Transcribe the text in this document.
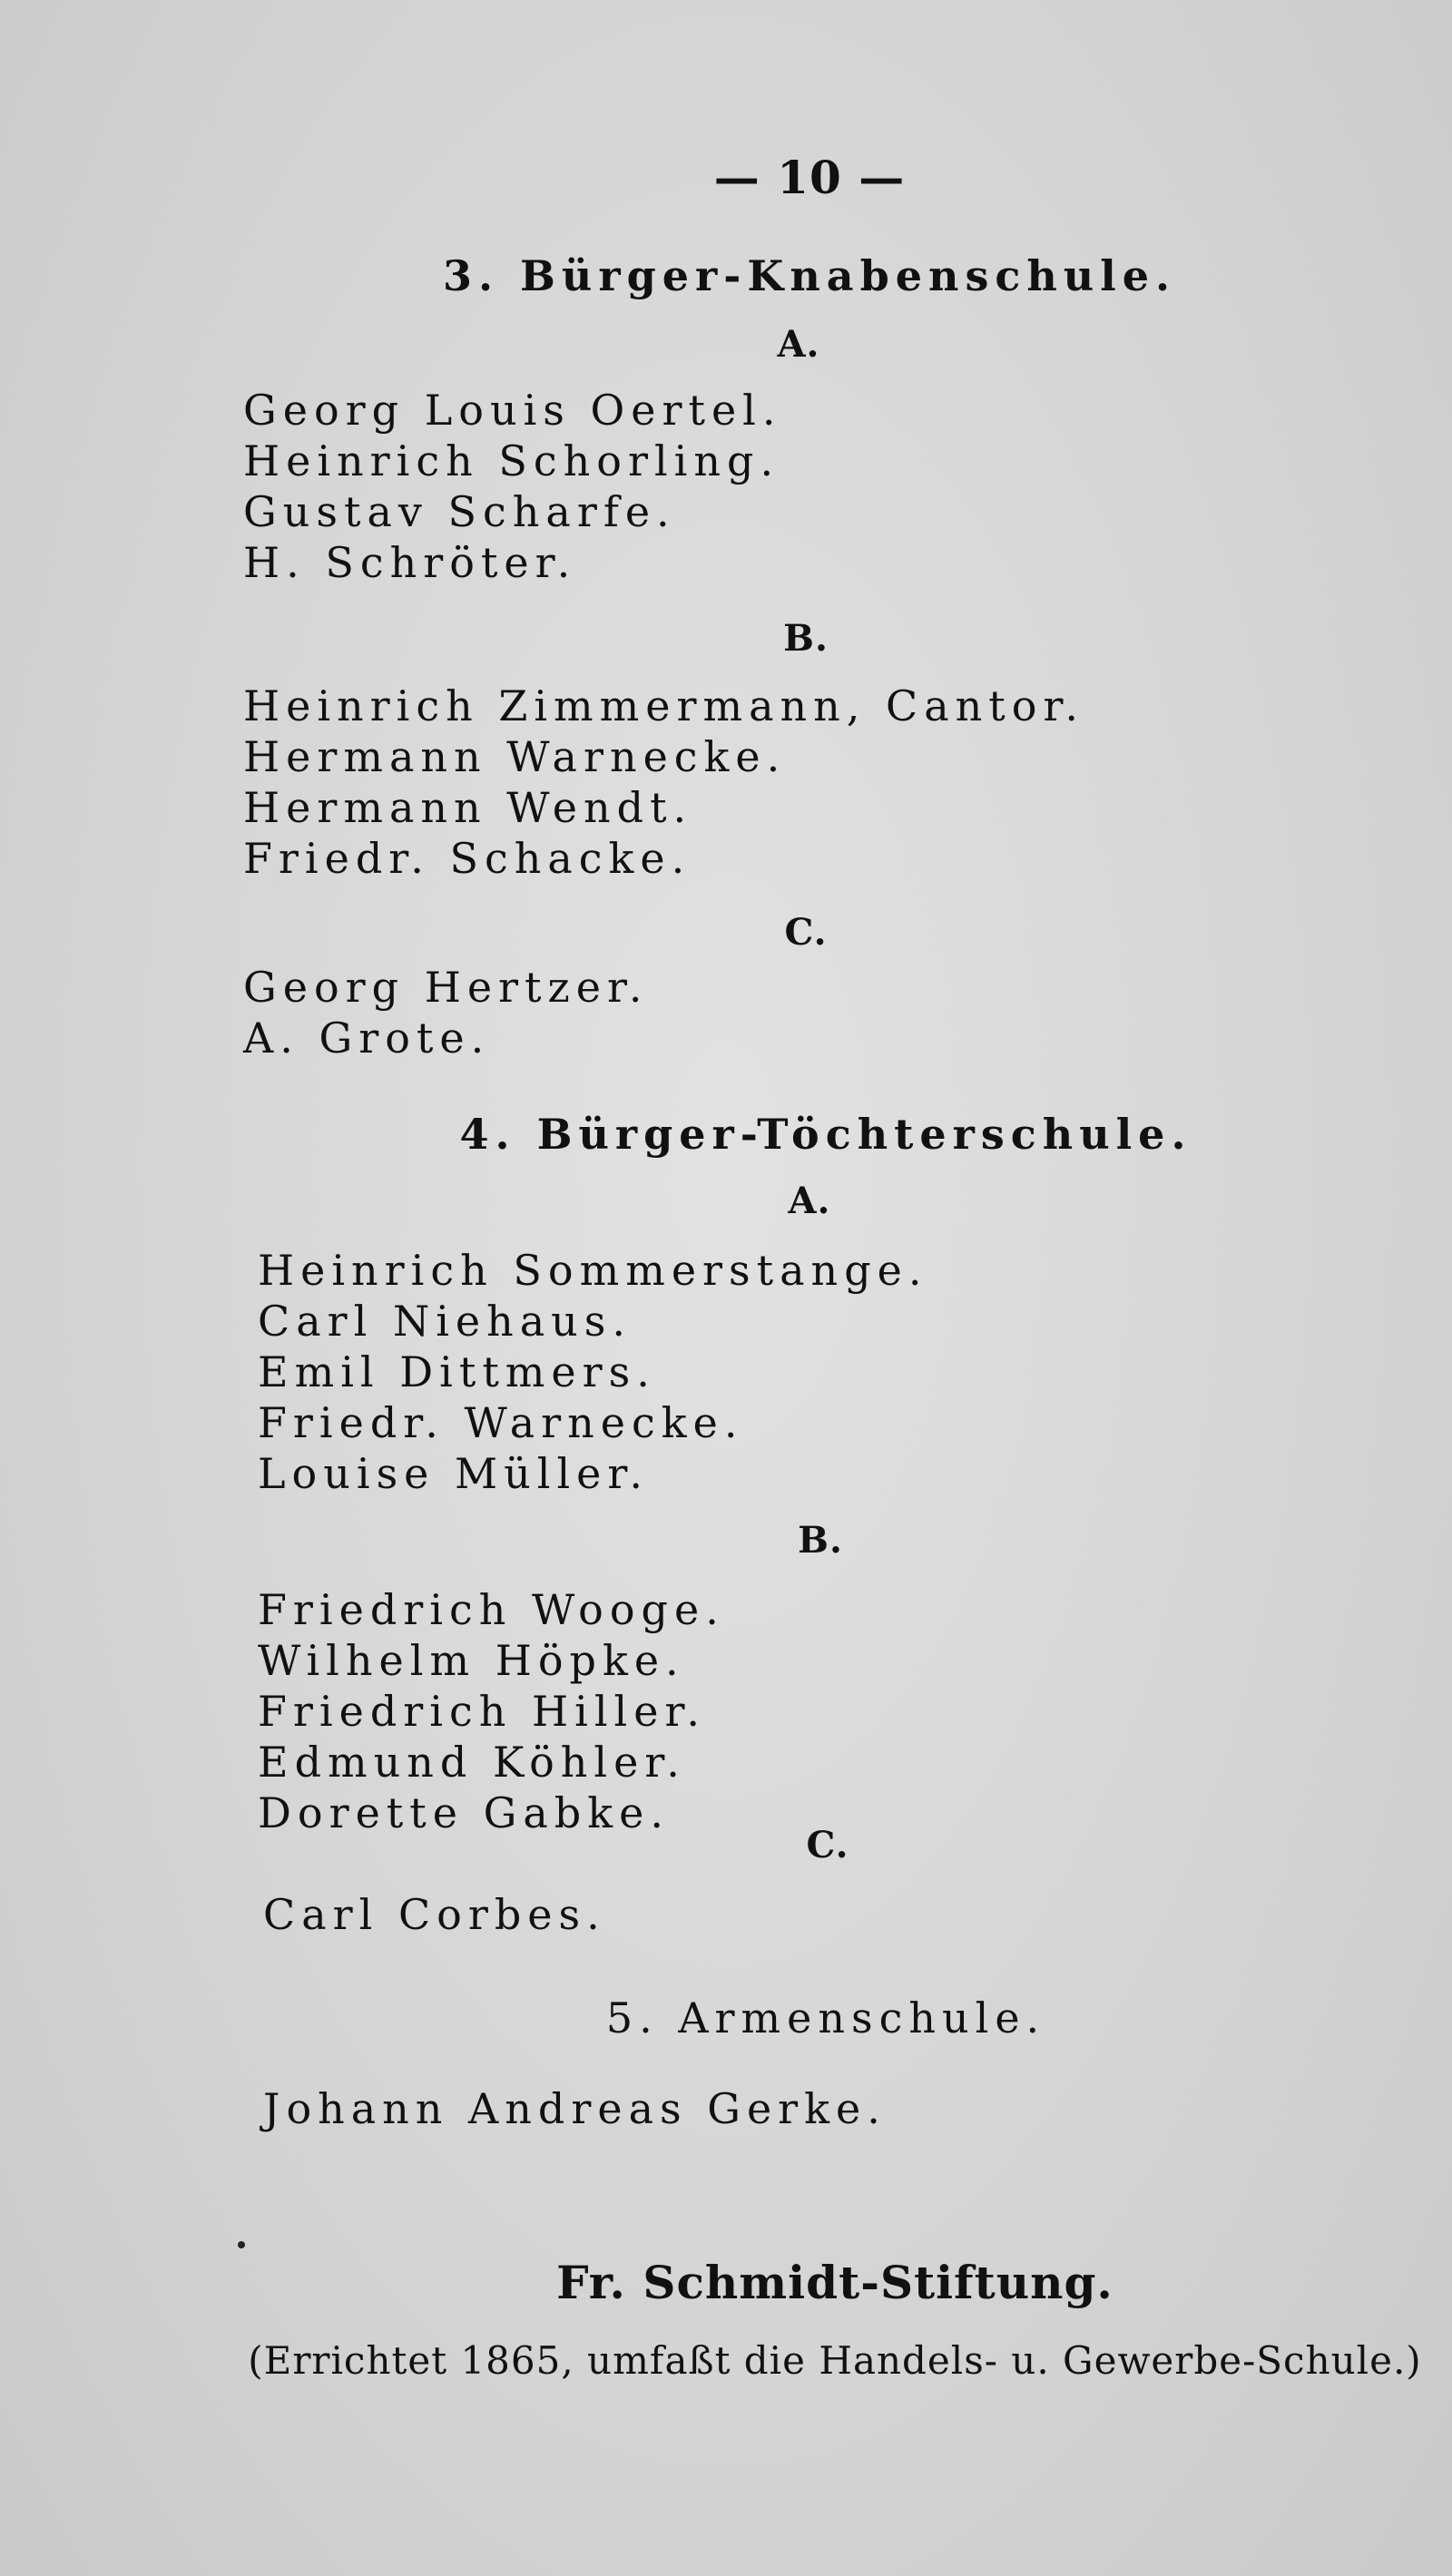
— 10 —
3. Bürger-Knabenschule.
A.
Georg Louis Oertel.
Heinrich Schorling.
Gustav Scharfe.
H. Schröter.
B.
Heinrich Zimmermann, Cantor.
Hermann Warnecke.
Hermann Wendt.
Friedr. Schacke.
C.
Georg Hertzer.
A. Grote.
4. Bürger-Töchterschule.
A.
Heinrich Sommerstange.
Carl Niehaus.
Emil Dittmers.
Friedr. Warnecke.
Louise Müller.
B.
Friedrich Wooge.
Wilhelm Höpke.
Friedrich Hiller.
Edmund Köhler.
Dorette Gabke.
C.
Carl Corbes.
5. Armenschule.
Johann Andreas Gerke.
Fr. Schmidt-Stiftung.
(Errichtet 1865, umfaßt die Handels- u. Gewerbe-Schule.)
